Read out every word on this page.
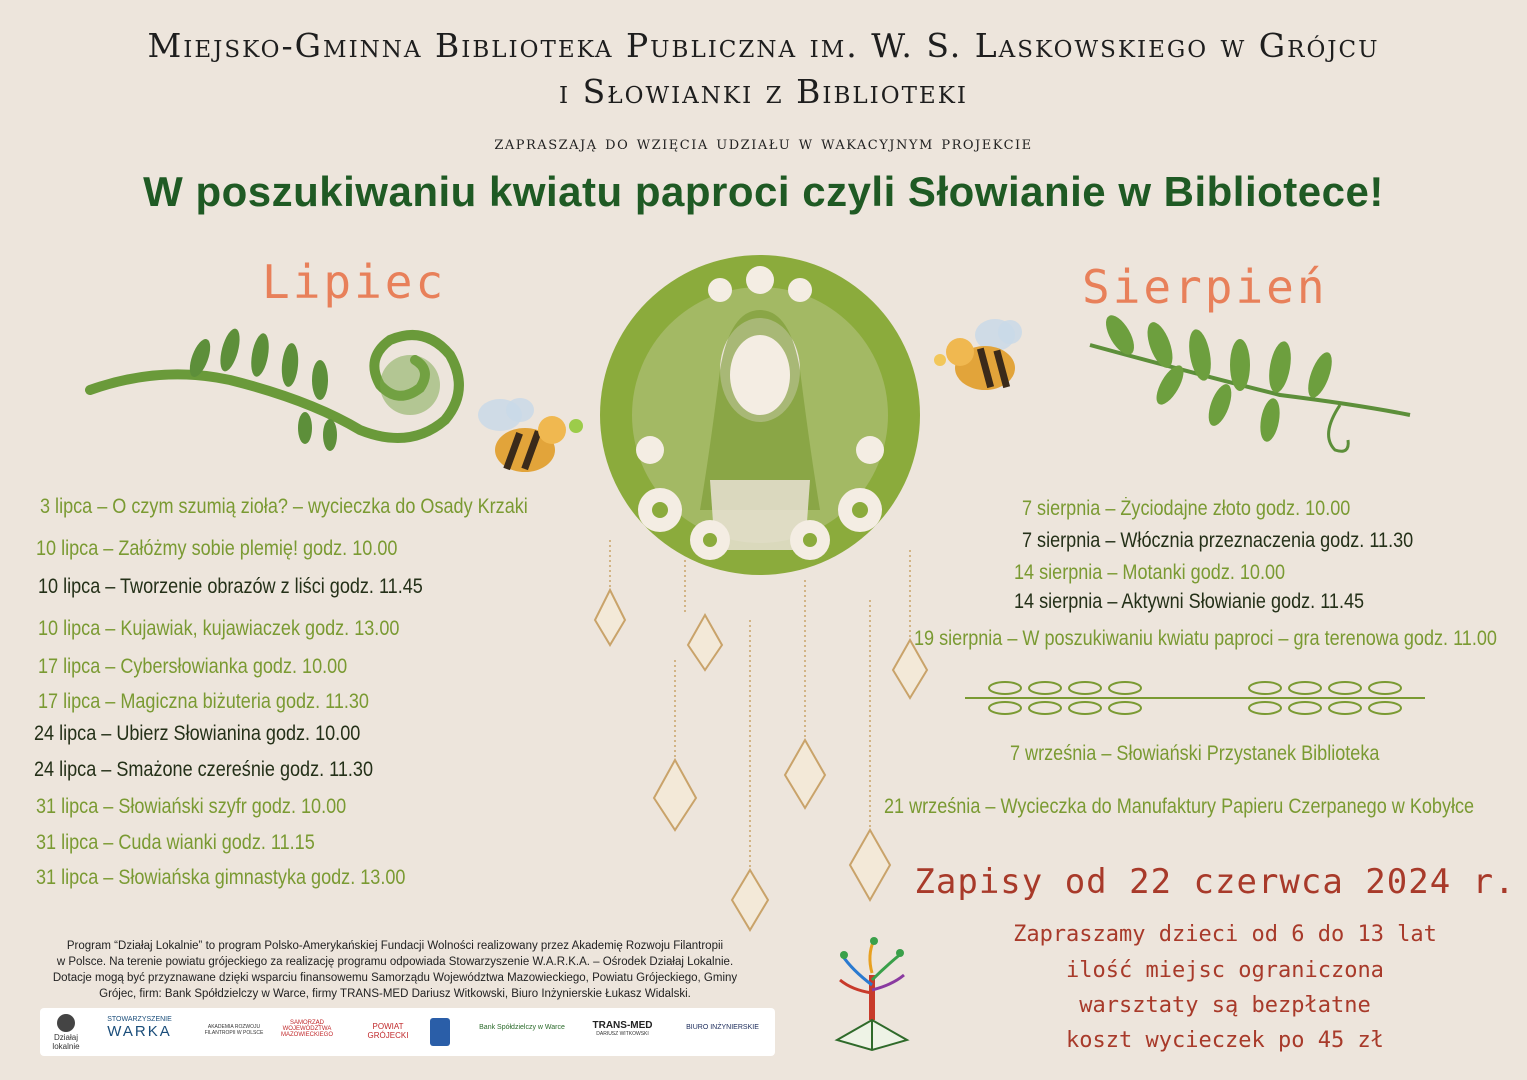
Miejsko-Gminna Biblioteka Publiczna im. W. S. Laskowskiego w Grójcu
i Słowianki z Biblioteki
zapraszają do wzięcia udziału w wakacyjnym projekcie
W poszukiwaniu kwiatu paproci czyli Słowianie w Bibliotece!
Lipiec	Sierpień
3 lipca – O czym szumią zioła? – wycieczka do Osady Krzaki
10 lipca – Załóżmy sobie plemię! godz. 10.00
10 lipca – Tworzenie obrazów z liści godz. 11.45
10 lipca – Kujawiak, kujawiaczek godz. 13.00
17 lipca – Cybersłowianka godz. 10.00
17 lipca – Magiczna biżuteria godz. 11.30
24 lipca – Ubierz Słowianina godz. 10.00
24 lipca – Smażone czereśnie godz. 11.30
31 lipca – Słowiański szyfr godz. 10.00
31 lipca – Cuda wianki godz. 11.15
31 lipca – Słowiańska gimnastyka godz. 13.00
7 sierpnia – Życiodajne złoto godz. 10.00
7 sierpnia – Włócznia przeznaczenia godz. 11.30
14 sierpnia – Motanki godz. 10.00
14 sierpnia – Aktywni Słowianie godz. 11.45
19 sierpnia – W poszukiwaniu kwiatu paproci – gra terenowa godz. 11.00
7 września – Słowiański Przystanek Biblioteka
21 września – Wycieczka do Manufaktury Papieru Czerpanego w Kobyłce
Zapisy od 22 czerwca 2024 r.
Zapraszamy dzieci od 6 do 13 lat
ilość miejsc ograniczona
warsztaty są bezpłatne
koszt wycieczek po 45 zł
Program “Działaj Lokalnie” to program Polsko-Amerykańskiej Fundacji Wolności realizowany przez Akademię Rozwoju Filantropii
w Polsce. Na terenie powiatu grójeckiego za realizację programu odpowiada Stowarzyszenie W.A.R.K.A. – Ośrodek Działaj Lokalnie.
Dotacje mogą być przyznawane dzięki wsparciu finansowemu Samorządu Województwa Mazowieckiego, Powiatu Grójeckiego, Gminy
Grójec, firm: Bank Spółdzielczy w Warce, firmy TRANS-MED Dariusz Witkowski, Biuro Inżynierskie Łukasz Widalski.
Działaj lokalnie
STOWARZYSZENIE
WARKA	AKADEMIA ROZWOJU FILANTROPII W POLSCE
SAMORZĄD WOJEWÓDZTWA MAZOWIECKIEGO
POWIAT GRÓJECKI
Bank Spółdzielczy w Warce	TRANS-MED
DARIUSZ WITKOWSKI
BIURO INŻYNIERSKIE
